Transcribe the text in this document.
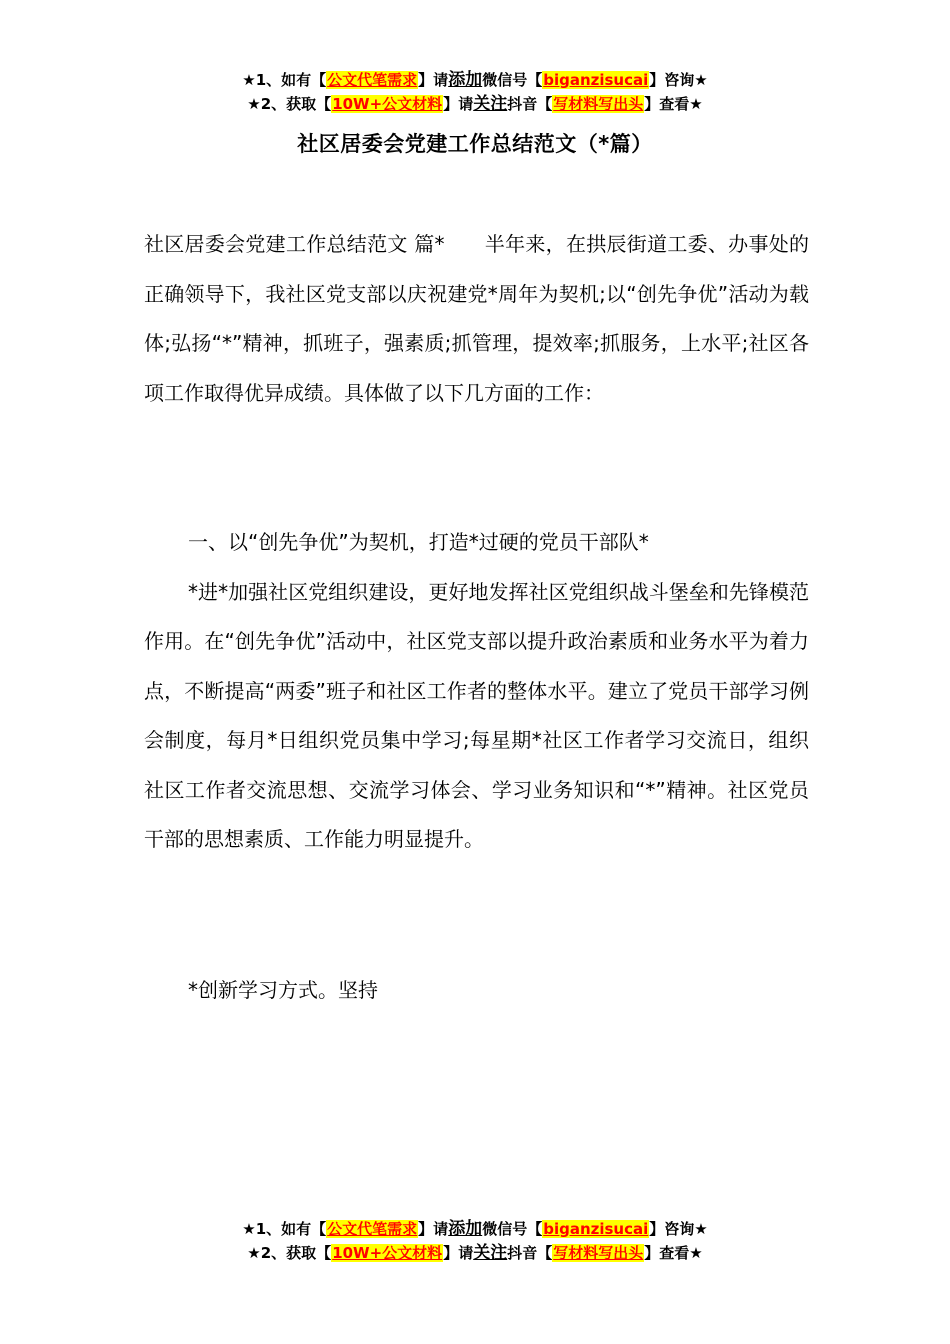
★1、如有【公文代笔需求】请添加微信号【biganzisucai】咨询★
★2、获取【10W+公文材料】请关注抖音【写材料写出头】查看★
社区居委会党建工作总结范文（*篇）

社区居委会党建工作总结范文 篇* 半年来，在拱辰街道工委、办事处的正确领导下，我社区党支部以庆祝建党*周年为契机;以“创先争优”活动为载体;弘扬“*”精神，抓班子，强素质;抓管理，提效率;抓服务，上水平;社区各项工作取得优异成绩。具体做了以下几方面的工作：

一、以“创先争优”为契机，打造*过硬的党员干部队*

*进*加强社区党组织建设，更好地发挥社区党组织战斗堡垒和先锋模范作用。在“创先争优”活动中，社区党支部以提升政治素质和业务水平为着力点，不断提高“两委”班子和社区工作者的整体水平。建立了党员干部学习例会制度，每月*日组织党员集中学习;每星期*社区工作者学习交流日，组织社区工作者交流思想、交流学习体会、学习业务知识和“*”精神。社区党员干部的思想素质、工作能力明显提升。

*创新学习方式。坚持

★1、如有【公文代笔需求】请添加微信号【biganzisucai】咨询★
★2、获取【10W+公文材料】请关注抖音【写材料写出头】查看★
